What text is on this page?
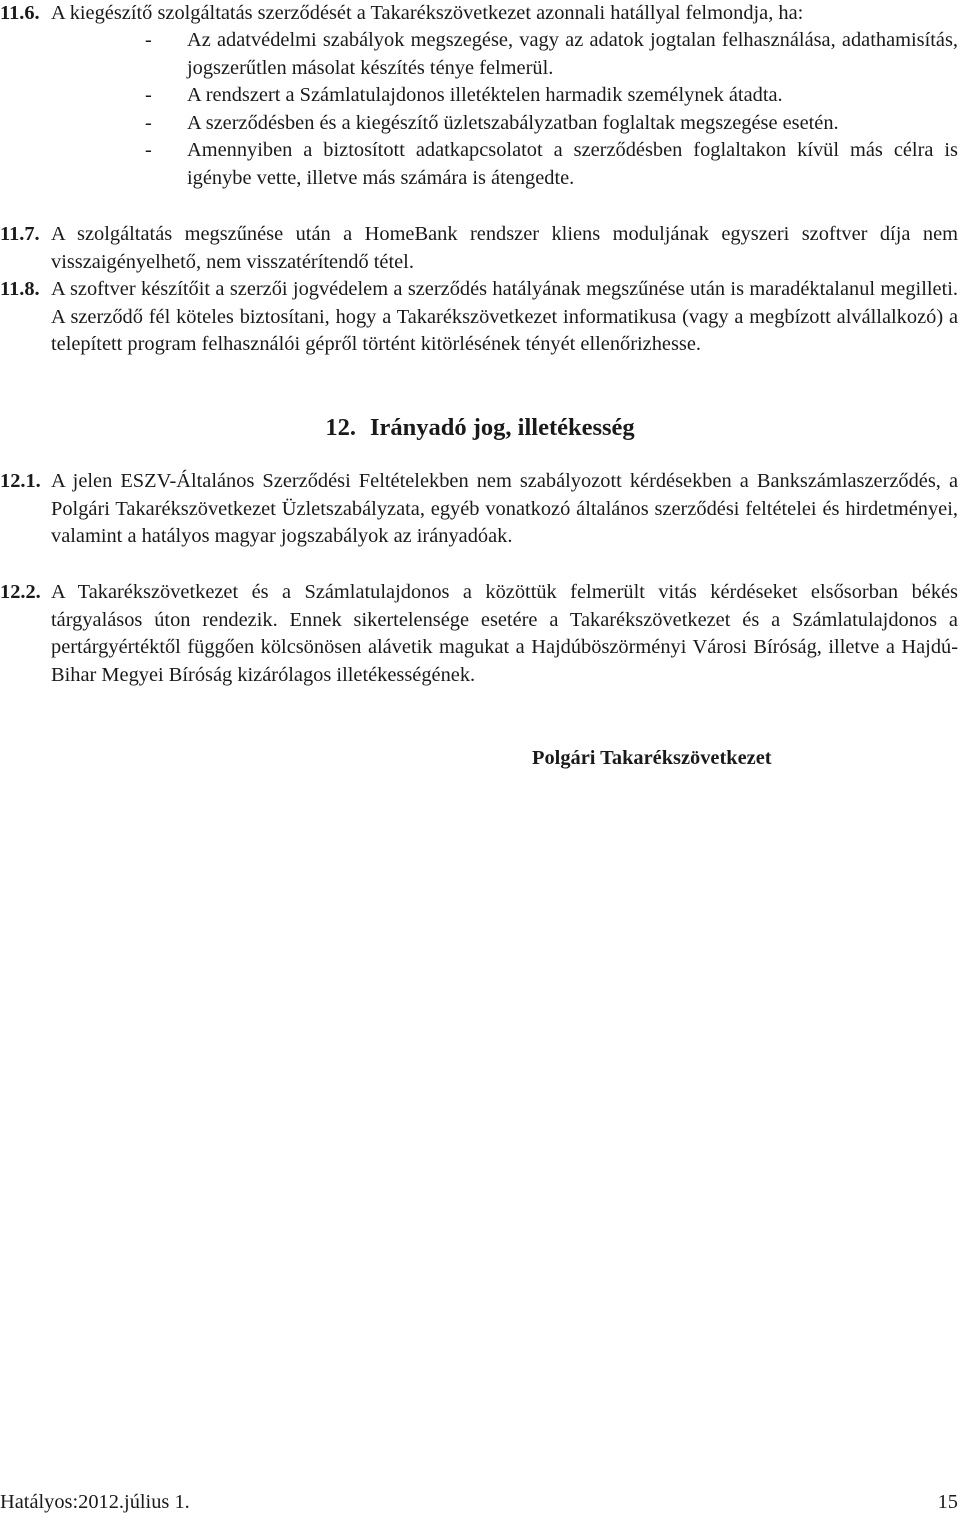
11.6. A kiegészítő szolgáltatás szerződését a Takarékszövetkezet azonnali hatállyal felmondja, ha:
- Az adatvédelmi szabályok megszegése, vagy az adatok jogtalan felhasználása, adathamisítás, jogszerűtlen másolat készítés ténye felmerül.
- A rendszert a Számlatulajdonos illetéktelen harmadik személynek átadta.
- A szerződésben és a kiegészítő üzletszabályzatban foglaltak megszegése esetén.
- Amennyiben a biztosított adatkapcsolatot a szerződésben foglaltakon kívül más célra is igénybe vette, illetve más számára is átengedte.
11.7. A szolgáltatás megszűnése után a HomeBank rendszer kliens moduljának egyszeri szoftver díja nem visszaigényelhető, nem visszatérítendő tétel.
11.8. A szoftver készítőit a szerzői jogvédelem a szerződés hatályának megszűnése után is maradéktalanul megilleti. A szerződő fél köteles biztosítani, hogy a Takarékszövetkezet informatikusa (vagy a megbízott alvállalkozó) a telepített program felhasználói gépről történt kitörlésének tényét ellenőrizhesse.
12. Irányadó jog, illetékesség
12.1. A jelen ESZV-Általános Szerződési Feltételekben nem szabályozott kérdésekben a Bankszámlaszerződés, a Polgári Takarékszövetkezet Üzletszabályzata, egyéb vonatkozó általános szerződési feltételei és hirdetményei, valamint a hatályos magyar jogszabályok az irányadóak.
12.2. A Takarékszövetkezet és a Számlatulajdonos a közöttük felmerült vitás kérdéseket elsősorban békés tárgyalásos úton rendezik. Ennek sikertelensége esetére a Takarékszövetkezet és a Számlatulajdonos a pertárgyértéktől függően kölcsönösen alávetik magukat a Hajdúböszörményi Városi Bíróság, illetve a Hajdú-Bihar Megyei Bíróság kizárólagos illetékességének.
Polgári Takarékszövetkezet
Hatályos:2012.július 1.	15
